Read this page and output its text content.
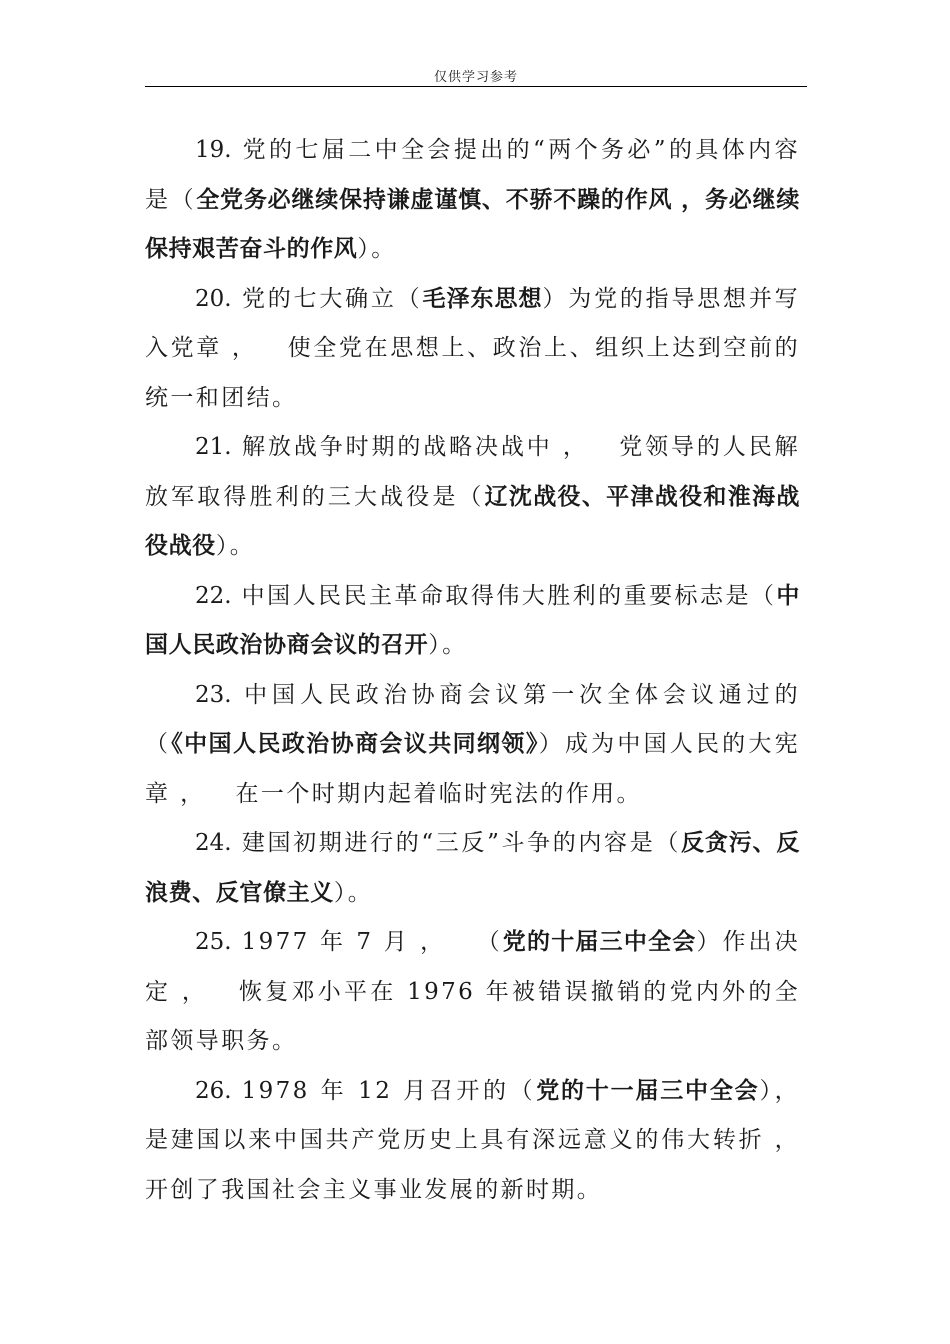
仅供学习参考

19. 党的七届二中全会提出的“两个务必”的具体内容是（全党务必继续保持谦虚谨慎、不骄不躁的作风 ，务必继续保持艰苦奋斗的作风）。

20. 党的七大确立（毛泽东思想）为党的指导思想并写入党章 ， 使全党在思想上、政治上、组织上达到空前的统一和团结。

21. 解放战争时期的战略决战中 ， 党领导的人民解放军取得胜利的三大战役是（辽沈战役、平津战役和淮海战役战役）。

22. 中国人民民主革命取得伟大胜利的重要标志是（中国人民政治协商会议的召开）。

23. 中国人民政治协商会议第一次全体会议通过的（《中国人民政治协商会议共同纲领》）成为中国人民的大宪章 ， 在一个时期内起着临时宪法的作用。

24. 建国初期进行的“三反”斗争的内容是（反贪污、反浪费、反官僚主义）。

25. 1977 年 7 月 ， （党的十届三中全会）作出决定 ， 恢复邓小平在 1976 年被错误撤销的党内外的全部领导职务。

26. 1978 年 12 月召开的（党的十一届三中全会），是建国以来中国共产党历史上具有深远意义的伟大转折 ，开创了我国社会主义事业发展的新时期。
